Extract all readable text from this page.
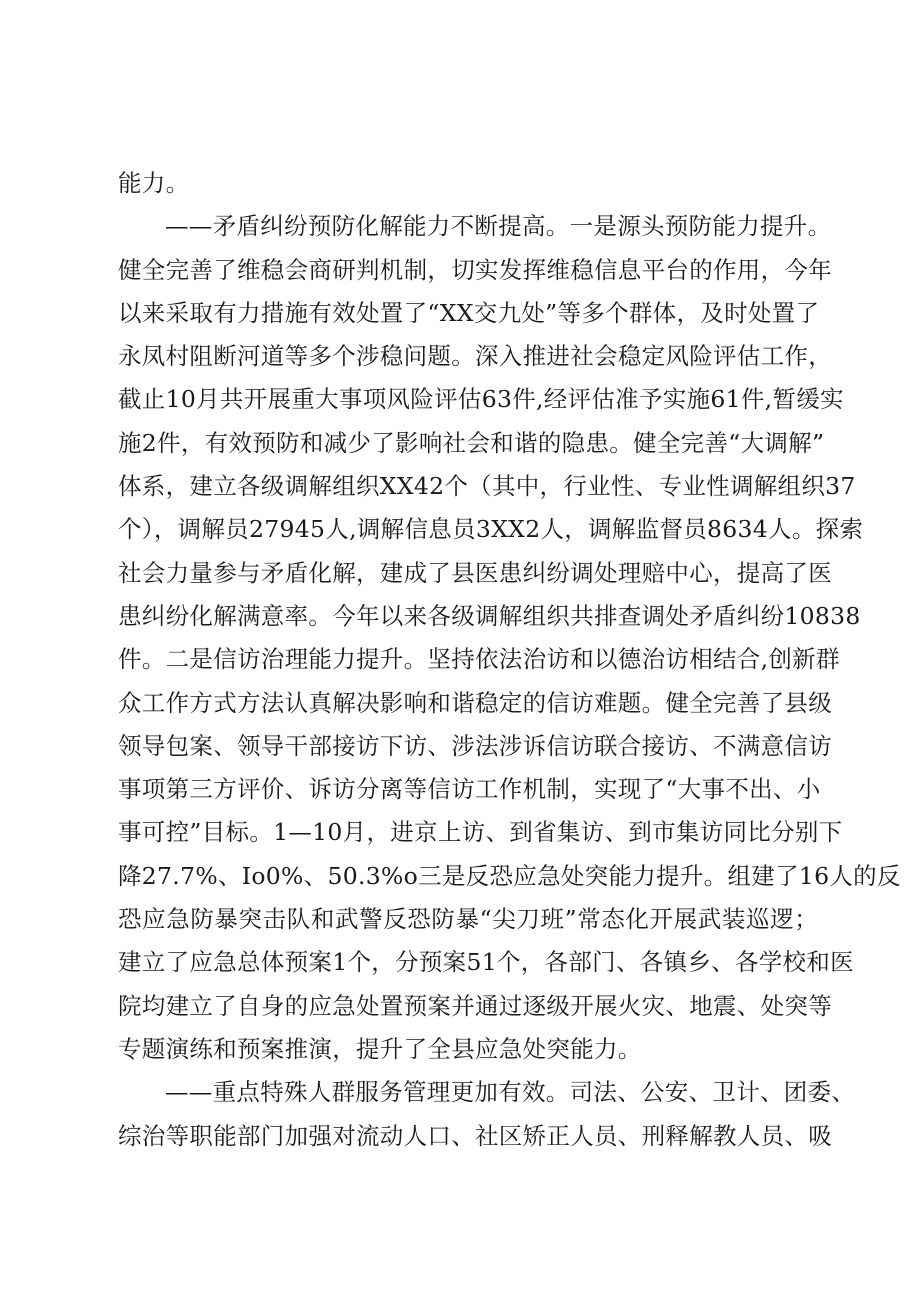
能力。
——矛盾纠纷预防化解能力不断提高。一是源头预防能力提升。
健全完善了维稳会商研判机制，切实发挥维稳信息平台的作用，今年
以来采取有力措施有效处置了“XX交九处”等多个群体，及时处置了
永凤村阻断河道等多个涉稳问题。深入推进社会稳定风险评估工作，
截止10月共开展重大事项风险评估63件,经评估准予实施61件,暂缓实
施2件，有效预防和减少了影响社会和谐的隐患。健全完善“大调解”
体系，建立各级调解组织XX42个（其中，行业性、专业性调解组织37
个），调解员27945人,调解信息员3XX2人，调解监督员8634人。探索
社会力量参与矛盾化解，建成了县医患纠纷调处理赔中心，提高了医
患纠纷化解满意率。今年以来各级调解组织共排查调处矛盾纠纷10838
件。二是信访治理能力提升。坚持依法治访和以德治访相结合,创新群
众工作方式方法认真解决影响和谐稳定的信访难题。健全完善了县级
领导包案、领导干部接访下访、涉法涉诉信访联合接访、不满意信访
事项第三方评价、诉访分离等信访工作机制，实现了“大事不出、小
事可控”目标。1—10月，进京上访、到省集访、到市集访同比分别下
降27.7%、Io0%、50.3%o三是反恐应急处突能力提升。组建了16人的反
恐应急防暴突击队和武警反恐防暴“尖刀班”常态化开展武装巡逻；
建立了应急总体预案1个，分预案51个，各部门、各镇乡、各学校和医
院均建立了自身的应急处置预案并通过逐级开展火灾、地震、处突等
专题演练和预案推演，提升了全县应急处突能力。
——重点特殊人群服务管理更加有效。司法、公安、卫计、团委、
综治等职能部门加强对流动人口、社区矫正人员、刑释解教人员、吸
